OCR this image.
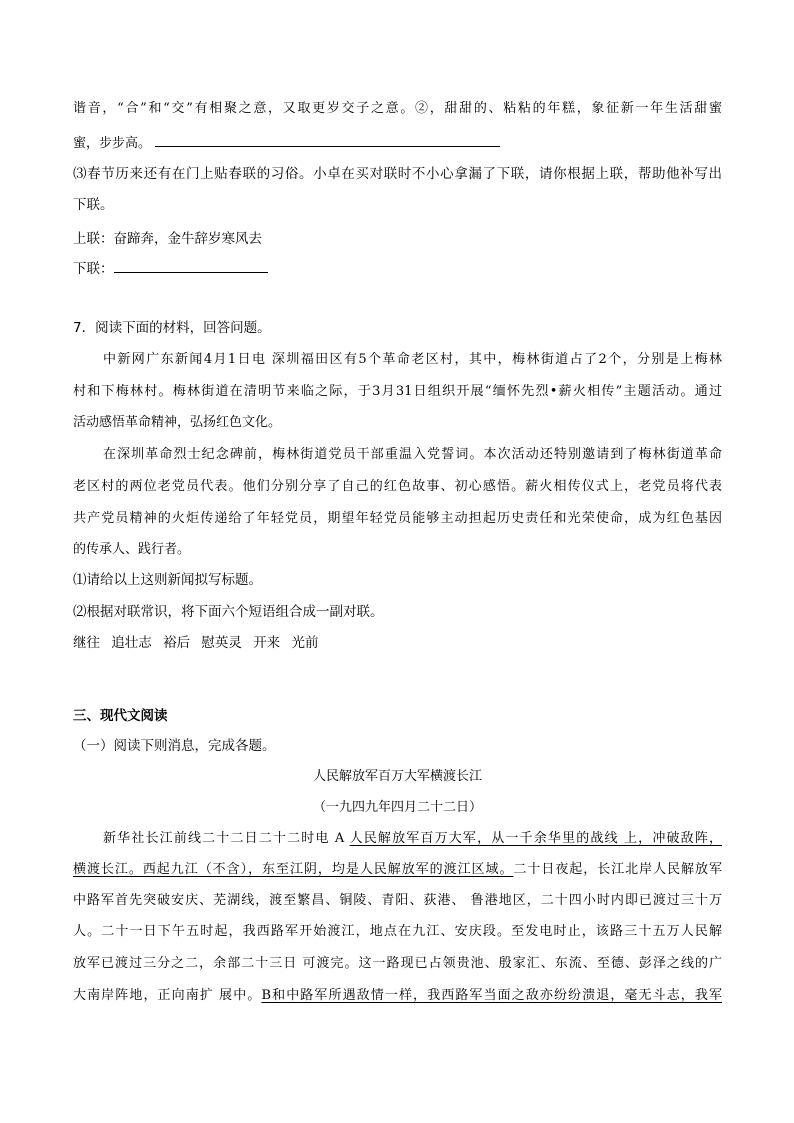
谐音，“合”和“交”有相聚之意，又取更岁交子之意。②，甜甜的、粘粘的年糕，象征新一年生活甜蜜
蜜，步步高。
⑶春节历来还有在门上贴春联的习俗。小卓在买对联时不小心拿漏了下联，请你根据上联，帮助他补写出
下联。
上联：奋蹄奔，金牛辞岁寒风去
下联：
7．阅读下面的材料，回答问题。
中新网广东新闻4月1日电 深圳福田区有5个革命老区村，其中，梅林街道占了2个，分别是上梅林
村和下梅林村。梅林街道在清明节来临之际，于3月31日组织开展“缅怀先烈•薪火相传”主题活动。通过
活动感悟革命精神，弘扬红色文化。
在深圳革命烈士纪念碑前，梅林街道党员干部重温入党誓词。本次活动还特别邀请到了梅林街道革命
老区村的两位老党员代表。他们分别分享了自己的红色故事、初心感悟。薪火相传仪式上，老党员将代表
共产党员精神的火炬传递给了年轻党员，期望年轻党员能够主动担起历史责任和光荣使命，成为红色基因
的传承人、践行者。
⑴请给以上这则新闻拟写标题。
⑵根据对联常识，将下面六个短语组合成一副对联。
继往 追壮志 裕后 慰英灵 开来 光前
三、现代文阅读
（一）阅读下则消息，完成各题。
人民解放军百万大军横渡长江
（一九四九年四月二十二日）
新华社长江前线二十二日二十二时电 A 人民解放军百万大军，从一千余华里的战线 上，冲破敌阵，
横渡长江。西起九江（不含），东至江阴，均是人民解放军的渡江区域。二十日夜起，长江北岸人民解放军
中路军首先突破安庆、芜湖线，渡至繁昌、铜陵、青阳、荻港、 鲁港地区，二十四小时内即已渡过三十万
人。二十一日下午五时起，我西路军开始渡江，地点在九江、安庆段。至发电时止，该路三十五万人民解
放军已渡过三分之二，余部二十三日 可渡完。这一路现已占领贵池、殷家汇、东流、至德、彭泽之线的广
大南岸阵地，正向南扩 展中。B和中路军所遇敌情一样，我西路军当面之敌亦纷纷溃退，毫无斗志，我军
